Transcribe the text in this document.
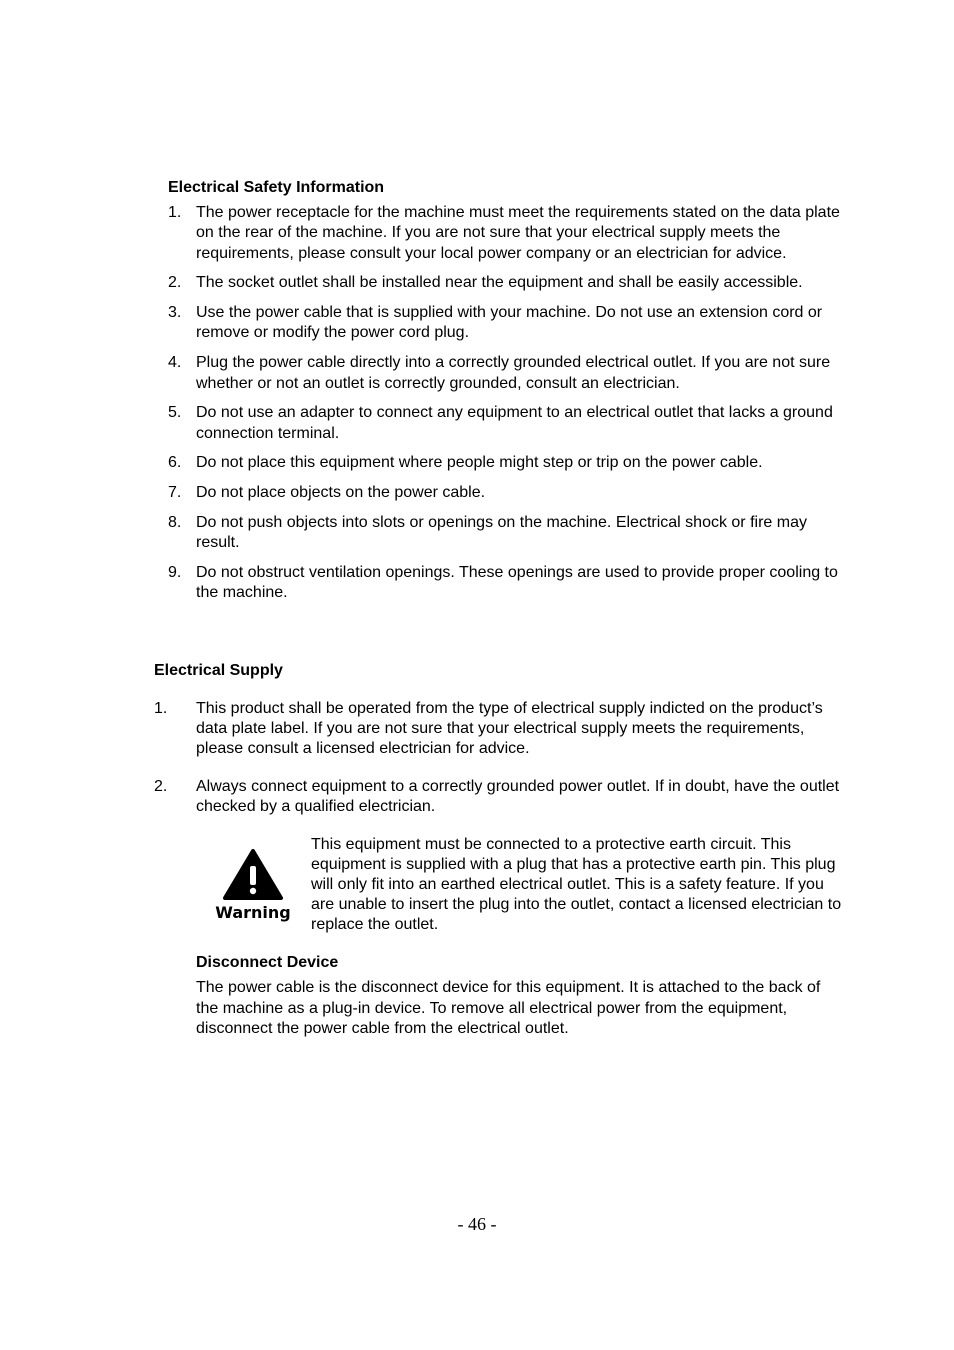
Electrical Safety Information
1. The power receptacle for the machine must meet the requirements stated on the data plate on the rear of the machine. If you are not sure that your electrical supply meets the requirements, please consult your local power company or an electrician for advice.
2. The socket outlet shall be installed near the equipment and shall be easily accessible.
3. Use the power cable that is supplied with your machine. Do not use an extension cord or remove or modify the power cord plug.
4. Plug the power cable directly into a correctly grounded electrical outlet. If you are not sure whether or not an outlet is correctly grounded, consult an electrician.
5. Do not use an adapter to connect any equipment to an electrical outlet that lacks a ground connection terminal.
6. Do not place this equipment where people might step or trip on the power cable.
7. Do not place objects on the power cable.
8. Do not push objects into slots or openings on the machine. Electrical shock or fire may result.
9. Do not obstruct ventilation openings. These openings are used to provide proper cooling to the machine.
Electrical Supply
1. This product shall be operated from the type of electrical supply indicted on the product’s data plate label. If you are not sure that your electrical supply meets the requirements, please consult a licensed electrician for advice.
2. Always connect equipment to a correctly grounded power outlet. If in doubt, have the outlet checked by a qualified electrician.
Warning
This equipment must be connected to a protective earth circuit. This equipment is supplied with a plug that has a protective earth pin. This plug will only fit into an earthed electrical outlet. This is a safety feature. If you are unable to insert the plug into the outlet, contact a licensed electrician to replace the outlet.
Disconnect Device
The power cable is the disconnect device for this equipment. It is attached to the back of the machine as a plug-in device. To remove all electrical power from the equipment, disconnect the power cable from the electrical outlet.
- 46 -
